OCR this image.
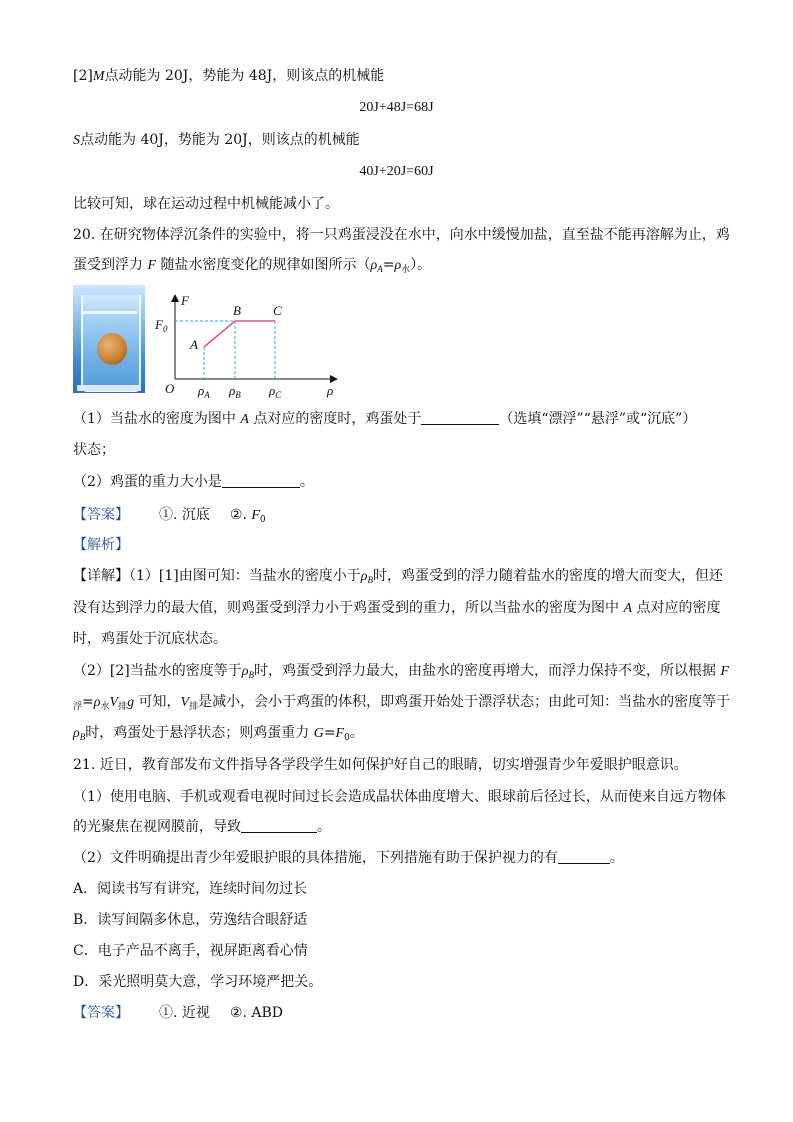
[2]M点动能为 20J，势能为 48J，则该点的机械能
20J+48J=68J
S点动能为 40J，势能为 20J，则该点的机械能
40J+20J=60J
比较可知，球在运动过程中机械能减小了。
20. 在研究物体浮沉条件的实验中，将一只鸡蛋浸没在水中，向水中缓慢加盐，直至盐不能再溶解为止，鸡
蛋受到浮力 F 随盐水密度变化的规律如图所示$(\rho_A=\rho_水)$。
A
B C
$\rho_A$ $\rho_B$ $\rho_C$
F
ρ
O
$F_0$
（1）当盐水的密度为图中 A 点对应的密度时，鸡蛋处于	（选填“漂浮”“悬浮”或“沉底”）
状态；
（2）鸡蛋的重力大小是	。
【答案】 ①. 沉底 ②. $F_0$
【解析】
【详解】（1）[1]由图可知：当盐水的密度小于$\rho_B$时，鸡蛋受到的浮力随着盐水的密度的增大而变大，但还
没有达到浮力的最大值，则鸡蛋受到浮力小于鸡蛋受到的重力，所以当盐水的密度为图中 A 点对应的密度
时，鸡蛋处于沉底状态。
（2）[2]当盐水的密度等于$\rho_B$时，鸡蛋受到浮力最大，由盐水的密度再增大，而浮力保持不变，所以根据 F
$_浮=\rho_水V_排g$ 可知，$V_排$是减小，会小于鸡蛋的体积，即鸡蛋开始处于漂浮状态；由此可知：当盐水的密度等于
$\rho_B$时，鸡蛋处于悬浮状态；则鸡蛋重力 $G=F_0$。
21. 近日，教育部发布文件指导各学段学生如何保护好自己的眼睛，切实增强青少年爱眼护眼意识。
（1）使用电脑、手机或观看电视时间过长会造成晶状体曲度增大、眼球前后径过长，从而使来自远方物体
的光聚焦在视网膜前，导致	。
（2）文件明确提出青少年爱眼护眼的具体措施，下列措施有助于保护视力的有	。
A．阅读书写有讲究，连续时间勿过长
B．读写间隔多休息，劳逸结合眼舒适
C．电子产品不离手，视屏距离看心情
D．采光照明莫大意，学习环境严把关。
【答案】 ①. 近视 ②. ABD
